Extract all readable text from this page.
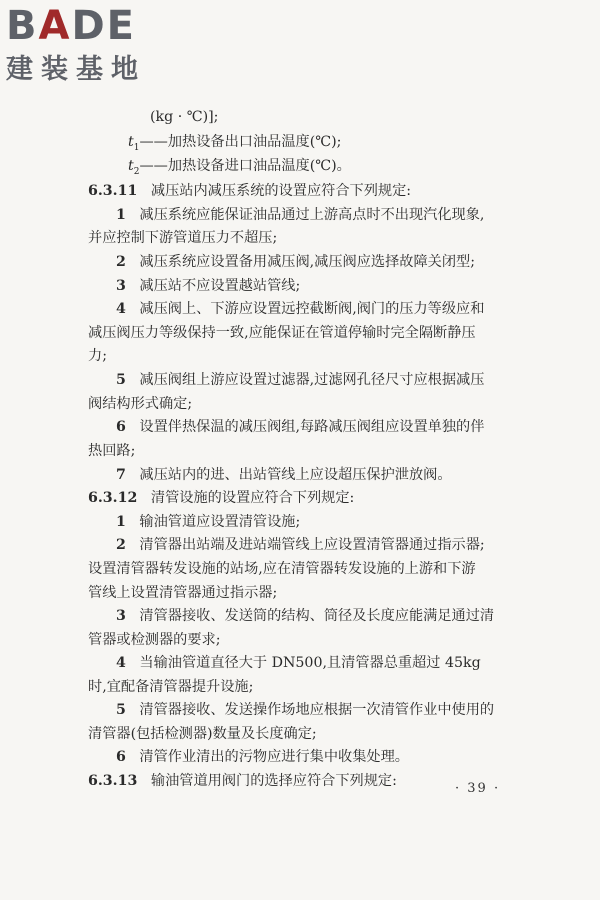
BADE
建装基地
(kg · ℃)];
$t_1——$加热设备出口油品温度(℃);
$t_2——$加热设备进口油品温度(℃)。
6.3.11 减压站内减压系统的设置应符合下列规定:
1 减压系统应能保证油品通过上游高点时不出现汽化现象,
并应控制下游管道压力不超压;
2 减压系统应设置备用减压阀,减压阀应选择故障关闭型;
3 减压站不应设置越站管线;
4 减压阀上、下游应设置远控截断阀,阀门的压力等级应和
减压阀压力等级保持一致,应能保证在管道停输时完全隔断静压
力;
5 减压阀组上游应设置过滤器,过滤网孔径尺寸应根据减压
阀结构形式确定;
6 设置伴热保温的减压阀组,每路减压阀组应设置单独的伴
热回路;
7 减压站内的进、出站管线上应设超压保护泄放阀。
6.3.12 清管设施的设置应符合下列规定:
1 输油管道应设置清管设施;
2 清管器出站端及进站端管线上应设置清管器通过指示器;
设置清管器转发设施的站场,应在清管器转发设施的上游和下游
管线上设置清管器通过指示器;
3 清管器接收、发送筒的结构、筒径及长度应能满足通过清
管器或检测器的要求;
4 当输油管道直径大于 DN500,且清管器总重超过 45kg
时,宜配备清管器提升设施;
5 清管器接收、发送操作场地应根据一次清管作业中使用的
清管器(包括检测器)数量及长度确定;
6 清管作业清出的污物应进行集中收集处理。
6.3.13 输油管道用阀门的选择应符合下列规定:	· 39 ·
